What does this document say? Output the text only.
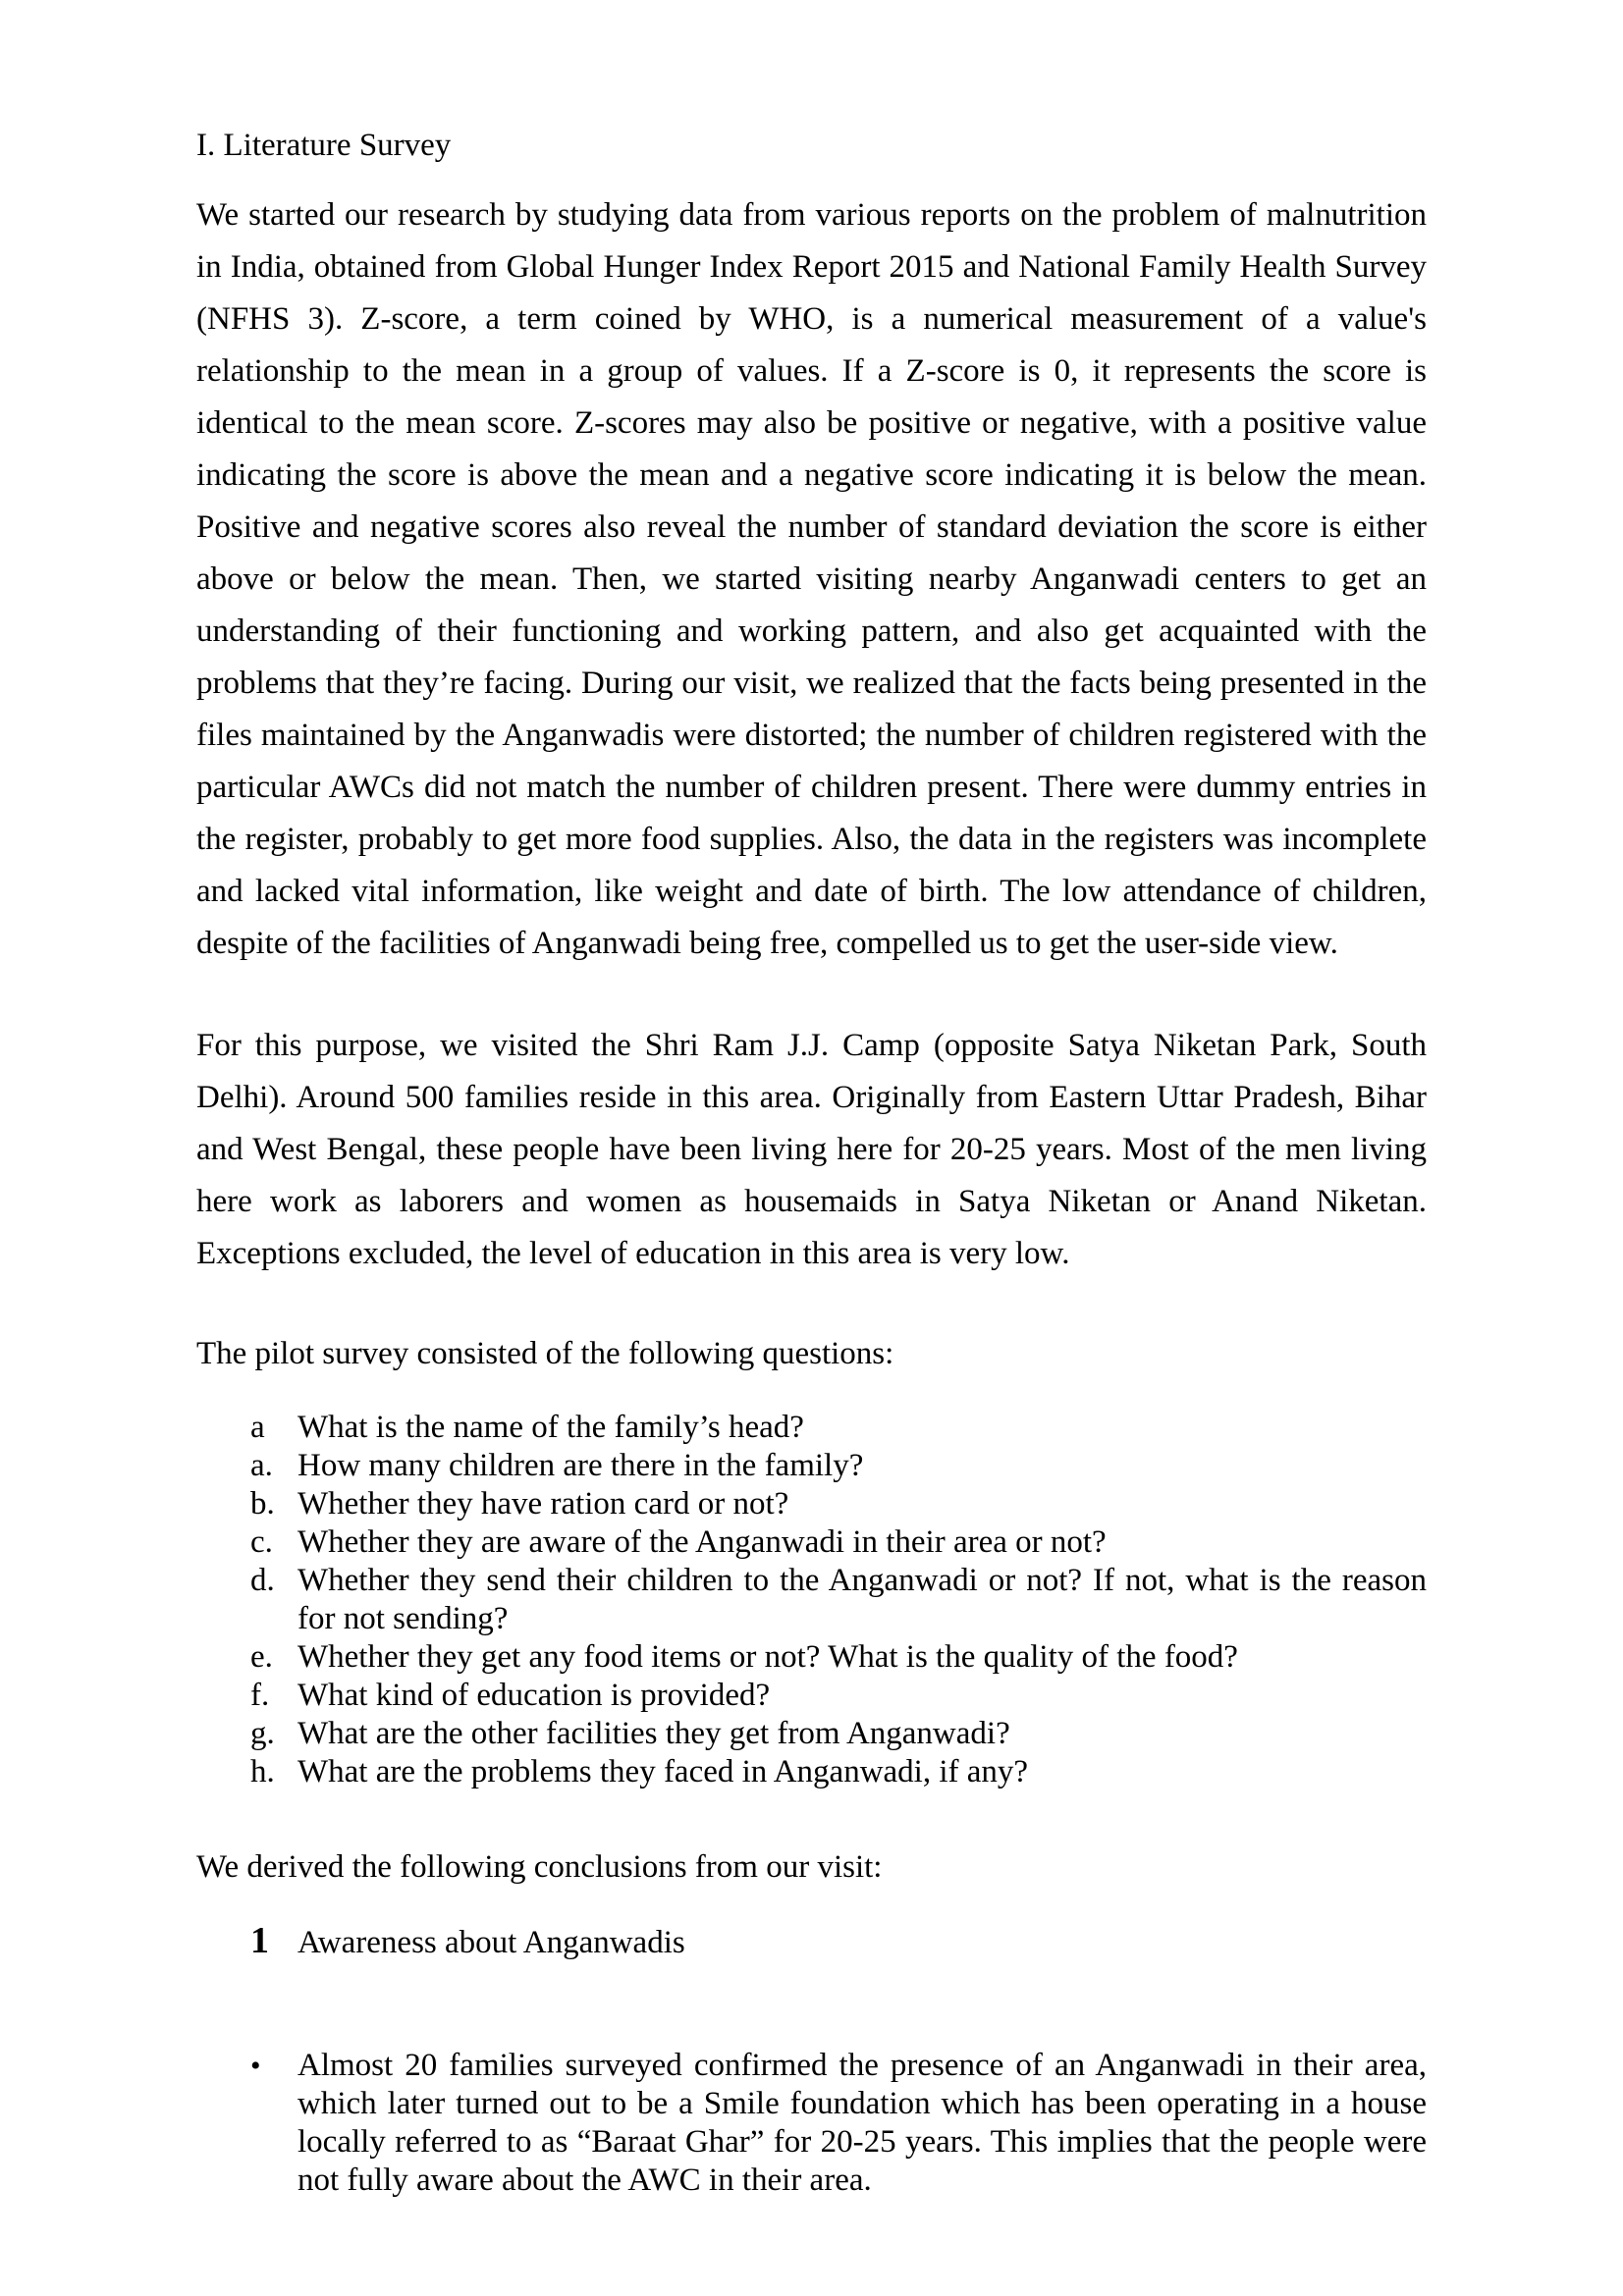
I. Literature Survey

We started our research by studying data from various reports on the problem of malnutrition in India, obtained from Global Hunger Index Report 2015 and National Family Health Survey (NFHS 3). Z-score, a term coined by WHO, is a numerical measurement of a value's relationship to the mean in a group of values. If a Z-score is 0, it represents the score is identical to the mean score. Z-scores may also be positive or negative, with a positive value indicating the score is above the mean and a negative score indicating it is below the mean. Positive and negative scores also reveal the number of standard deviation the score is either above or below the mean. Then, we started visiting nearby Anganwadi centers to get an understanding of their functioning and working pattern, and also get acquainted with the problems that they’re facing. During our visit, we realized that the facts being presented in the files maintained by the Anganwadis were distorted; the number of children registered with the particular AWCs did not match the number of children present. There were dummy entries in the register, probably to get more food supplies. Also, the data in the registers was incomplete and lacked vital information, like weight and date of birth. The low attendance of children, despite of the facilities of Anganwadi being free, compelled us to get the user-side view.

For this purpose, we visited the Shri Ram J.J. Camp (opposite Satya Niketan Park, South Delhi). Around 500 families reside in this area. Originally from Eastern Uttar Pradesh, Bihar and West Bengal, these people have been living here for 20-25 years. Most of the men living here work as laborers and women as housemaids in Satya Niketan or Anand Niketan. Exceptions excluded, the level of education in this area is very low.

The pilot survey consisted of the following questions:

a	What is the name of the family’s head?
a. How many children are there in the family?
b. Whether they have ration card or not?
c. Whether they are aware of the Anganwadi in their area or not?
d. Whether they send their children to the Anganwadi or not? If not, what is the reason for not sending?
e. Whether they get any food items or not? What is the quality of the food?
f. What kind of education is provided?
g. What are the other facilities they get from Anganwadi?
h. What are the problems they faced in Anganwadi, if any?

We derived the following conclusions from our visit:

1 Awareness about Anganwadis
•	Almost 20 families surveyed confirmed the presence of an Anganwadi in their area, which later turned out to be a Smile foundation which has been operating in a house locally referred to as “Baraat Ghar” for 20-25 years. This implies that the people were not fully aware about the AWC in their area.
